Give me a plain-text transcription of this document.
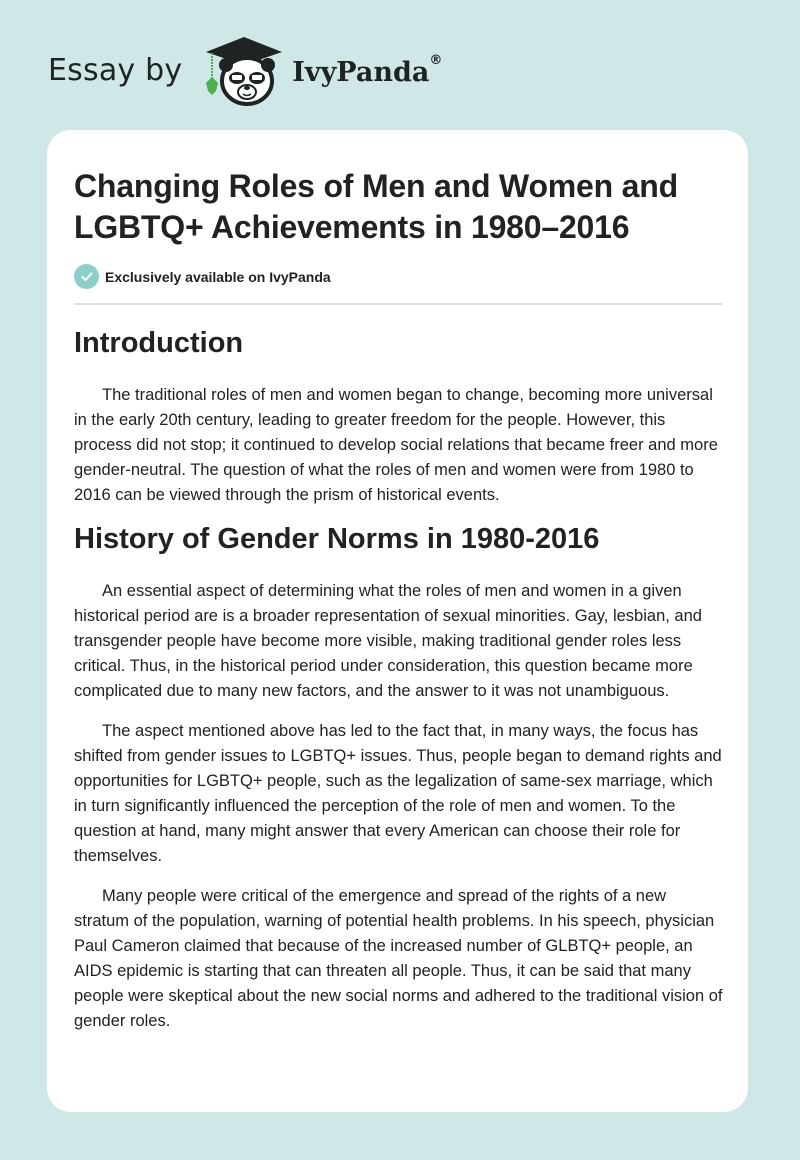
Essay by	IvyPanda®
Changing Roles of Men and Women and LGBTQ+ Achievements in 1980–2016
Exclusively available on IvyPanda
Introduction

The traditional roles of men and women began to change, becoming more universal in the early 20th century, leading to greater freedom for the people. However, this process did not stop; it continued to develop social relations that became freer and more gender-neutral. The question of what the roles of men and women were from 1980 to 2016 can be viewed through the prism of historical events.

History of Gender Norms in 1980-2016

An essential aspect of determining what the roles of men and women in a given historical period are is a broader representation of sexual minorities. Gay, lesbian, and transgender people have become more visible, making traditional gender roles less critical. Thus, in the historical period under consideration, this question became more complicated due to many new factors, and the answer to it was not unambiguous.

The aspect mentioned above has led to the fact that, in many ways, the focus has shifted from gender issues to LGBTQ+ issues. Thus, people began to demand rights and opportunities for LGBTQ+ people, such as the legalization of same-sex marriage, which in turn significantly influenced the perception of the role of men and women. To the question at hand, many might answer that every American can choose their role for themselves.

Many people were critical of the emergence and spread of the rights of a new stratum of the population, warning of potential health problems. In his speech, physician Paul Cameron claimed that because of the increased number of GLBTQ+ people, an AIDS epidemic is starting that can threaten all people. Thus, it can be said that many people were skeptical about the new social norms and adhered to the traditional vision of gender roles.
